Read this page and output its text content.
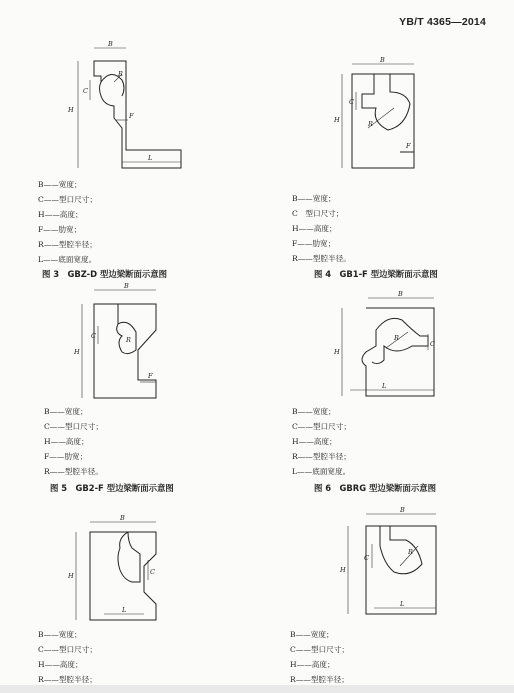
YB/T 4365—2014
B
H
C
R
F
L
B——宽度；
C——型口尺寸；
H——高度；
F——肋宽；
R——型腔半径；
L——底面宽度。
图 3　GBZ-D 型边梁断面示意图
B
H
C
R
F
B——宽度；
C　型口尺寸；
H——高度；
F——肋宽；
R——型腔半径。
图 4　GB1-F 型边梁断面示意图
B
H
C	R
F
B——宽度；
C——型口尺寸；
H——高度；
F——肋宽；
R——型腔半径。
图 5　GB2-F 型边梁断面示意图
B
H
C
R
L
B——宽度；
C——型口尺寸；
H——高度；
R——型腔半径；
L——底面宽度。
图 6　GBRG 型边梁断面示意图
B
H	C
L
B——宽度；
C——型口尺寸；
H——高度；
R——型腔半径；
B
H
C
R
L
B——宽度；
C——型口尺寸；
H——高度；
R——型腔半径；
